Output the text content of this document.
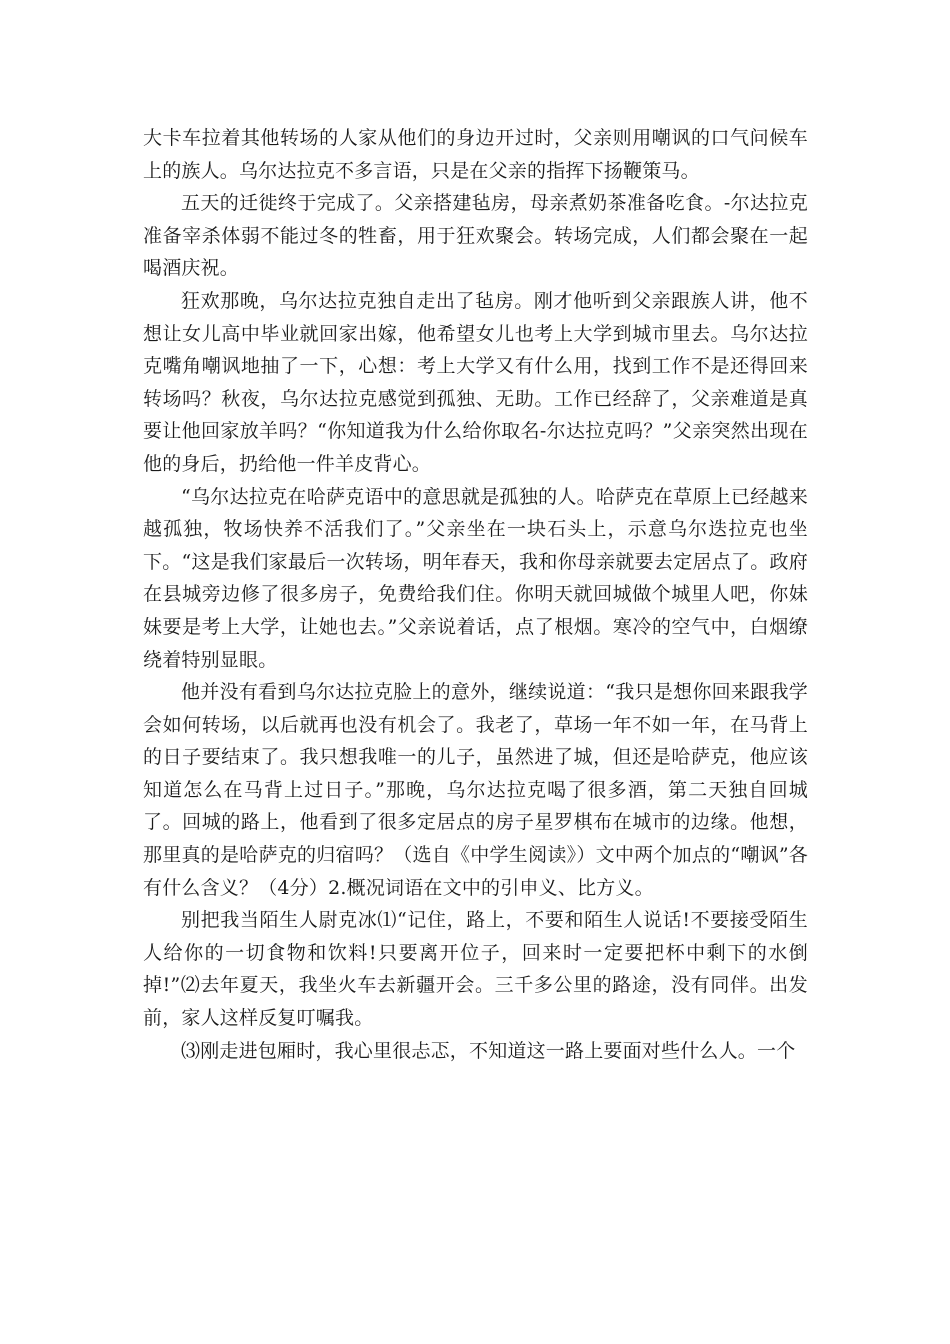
大卡车拉着其他转场的人家从他们的身边开过时，父亲则用嘲讽的口气问候车上的族人。乌尔达拉克不多言语，只是在父亲的指挥下扬鞭策马。

五天的迁徙终于完成了。父亲搭建毡房，母亲煮奶茶准备吃食。-尔达拉克准备宰杀体弱不能过冬的牲畜，用于狂欢聚会。转场完成，人们都会聚在一起喝酒庆祝。

狂欢那晚，乌尔达拉克独自走出了毡房。刚才他听到父亲跟族人讲，他不想让女儿高中毕业就回家出嫁，他希望女儿也考上大学到城市里去。乌尔达拉克嘴角嘲讽地抽了一下，心想：考上大学又有什么用，找到工作不是还得回来转场吗？秋夜，乌尔达拉克感觉到孤独、无助。工作已经辞了，父亲难道是真要让他回家放羊吗？“你知道我为什么给你取名-尔达拉克吗？”父亲突然出现在他的身后，扔给他一件羊皮背心。

“乌尔达拉克在哈萨克语中的意思就是孤独的人。哈萨克在草原上已经越来越孤独，牧场快养不活我们了。”父亲坐在一块石头上，示意乌尔迭拉克也坐下。“这是我们家最后一次转场，明年春天，我和你母亲就要去定居点了。政府在县城旁边修了很多房子，免费给我们住。你明天就回城做个城里人吧，你妹妹要是考上大学，让她也去。”父亲说着话，点了根烟。寒冷的空气中，白烟缭绕着特别显眼。

他并没有看到乌尔达拉克脸上的意外，继续说道：“我只是想你回来跟我学会如何转场，以后就再也没有机会了。我老了，草场一年不如一年，在马背上的日子要结束了。我只想我唯一的儿子，虽然进了城，但还是哈萨克，他应该知道怎么在马背上过日子。”那晚，乌尔达拉克喝了很多酒，第二天独自回城了。回城的路上，他看到了很多定居点的房子星罗棋布在城市的边缘。他想，那里真的是哈萨克的归宿吗？（选自《中学生阅读》）文中两个加点的“嘲讽”各有什么含义？（4分）2.概况词语在文中的引申义、比方义。

别把我当陌生人尉克冰⑴“记住，路上，不要和陌生人说话!不要接受陌生人给你的一切食物和饮料!只要离开位子，回来时一定要把杯中剩下的水倒掉!”⑵去年夏天，我坐火车去新疆开会。三千多公里的路途，没有同伴。出发前，家人这样反复叮嘱我。

⑶刚走进包厢时，我心里很忐忑，不知道这一路上要面对些什么人。一个
